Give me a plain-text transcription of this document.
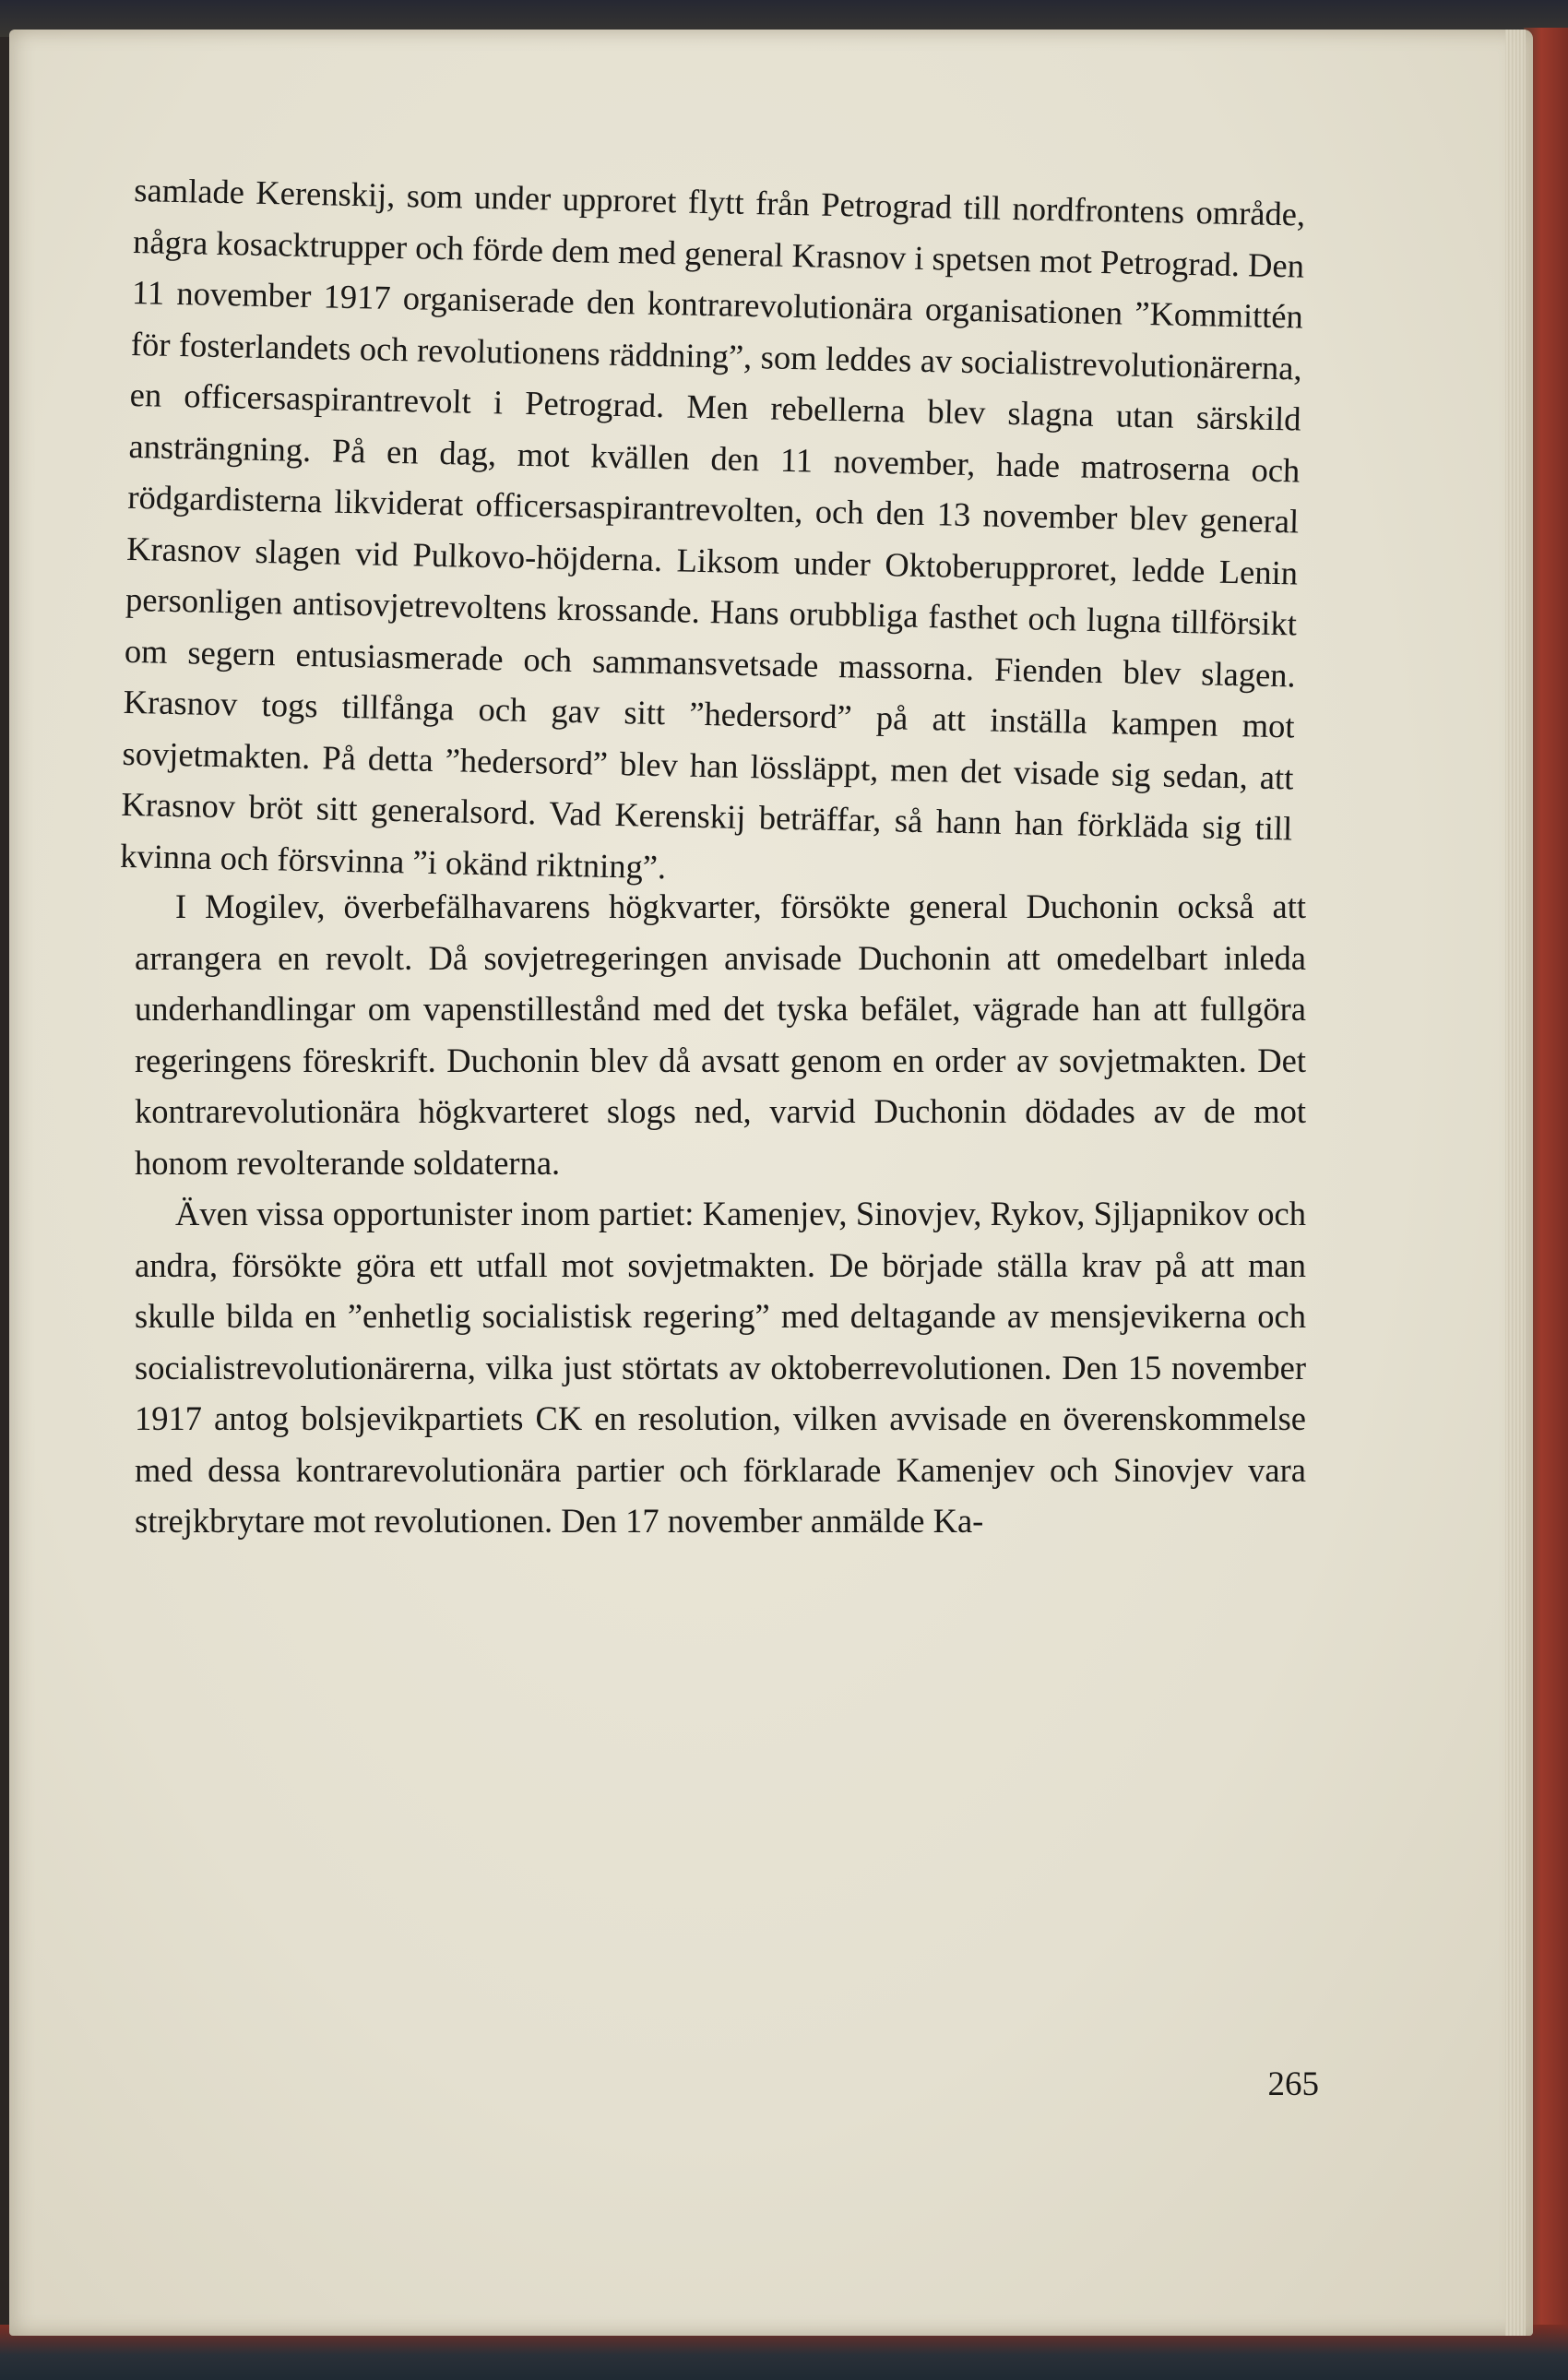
samlade Kerenskij, som under upproret flytt från Petrograd till nordfrontens område, några kosacktrupper och förde dem med general Krasnov i spetsen mot Petrograd. Den 11 november 1917 organiserade den kontrarevolutionära organisationen ”Kommittén för fosterlandets och revolutionens räddning”, som leddes av socialistrevolutionärerna, en officersaspirantrevolt i Petrograd. Men rebellerna blev slagna utan särskild ansträngning. På en dag, mot kvällen den 11 november, hade matroserna och rödgardisterna likviderat officersaspirantrevolten, och den 13 november blev general Krasnov slagen vid Pulkovo-höjderna. Liksom under Oktoberupproret, ledde Lenin personligen antisovjetrevoltens krossande. Hans orubbliga fasthet och lugna tillförsikt om segern entusiasmerade och sammansvetsade massorna. Fienden blev slagen. Krasnov togs tillfånga och gav sitt ”hedersord” på att inställa kampen mot sovjetmakten. På detta ”hedersord” blev han lössläppt, men det visade sig sedan, att Krasnov bröt sitt generalsord. Vad Kerenskij beträffar, så hann han förkläda sig till kvinna och försvinna ”i okänd riktning”.

I Mogilev, överbefälhavarens högkvarter, försökte general Duchonin också att arrangera en revolt. Då sovjetregeringen anvisade Duchonin att omedelbart inleda underhandlingar om vapenstillestånd med det tyska befälet, vägrade han att fullgöra regeringens föreskrift. Duchonin blev då avsatt genom en order av sovjetmakten. Det kontrarevolutionära högkvarteret slogs ned, varvid Duchonin dödades av de mot honom revolterande soldaterna.

Även vissa opportunister inom partiet: Kamenjev, Sinovjev, Rykov, Sjljapnikov och andra, försökte göra ett utfall mot sovjetmakten. De började ställa krav på att man skulle bilda en ”enhetlig socialistisk regering” med deltagande av mensjevikerna och socialistrevolutionärerna, vilka just störtats av oktoberrevolutionen. Den 15 november 1917 antog bolsjevikpartiets CK en resolution, vilken avvisade en överenskommelse med dessa kontrarevolutionära partier och förklarade Kamenjev och Sinovjev vara strejkbrytare mot revolutionen. Den 17 november anmälde Ka-

265
